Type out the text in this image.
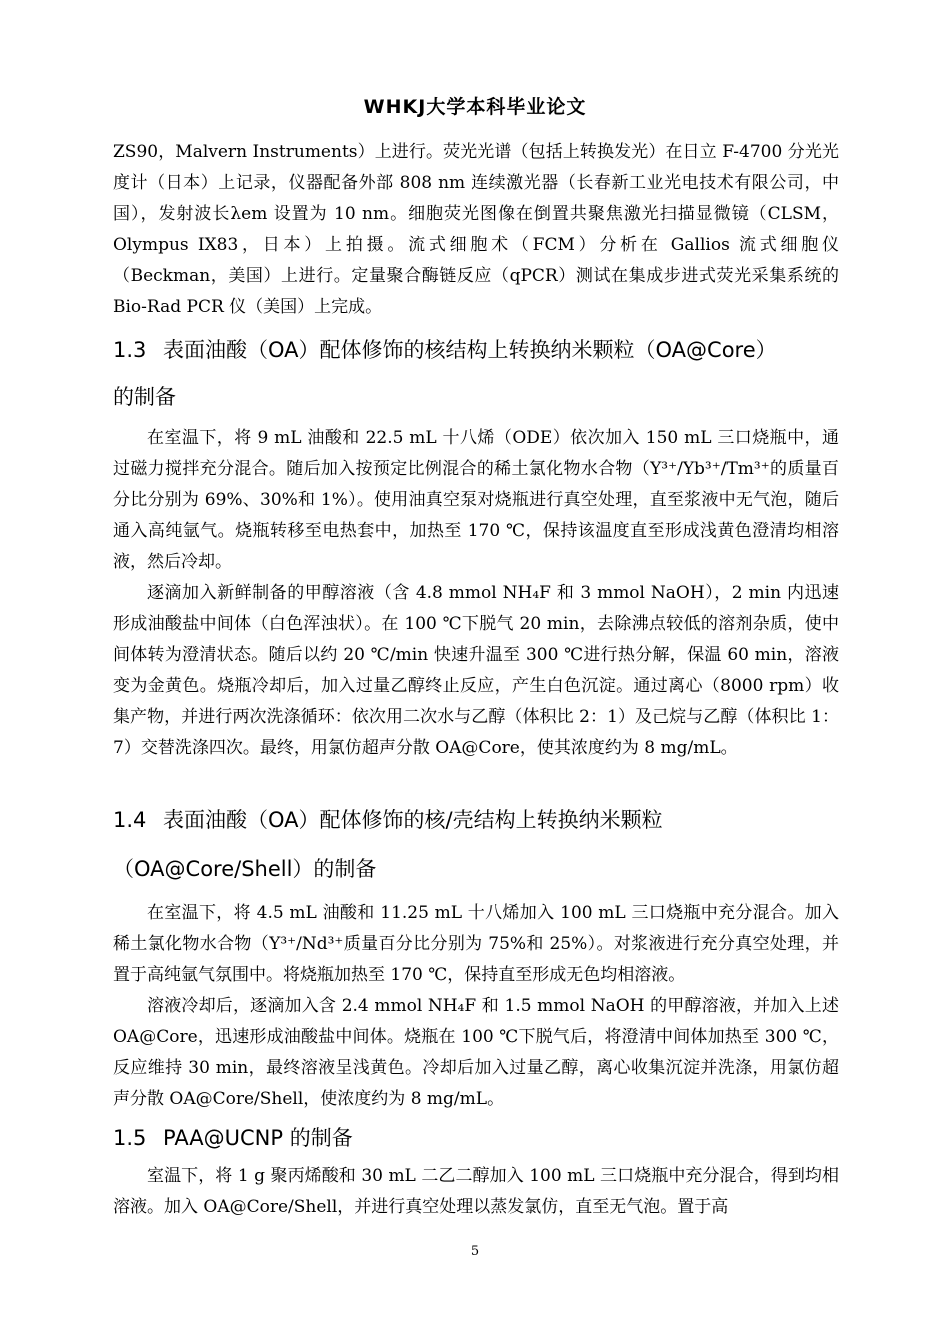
WHKJ大学本科毕业论文

ZS90，Malvern Instruments）上进行。荧光光谱（包括上转换发光）在日立 F-4700 分光光度计（日本）上记录，仪器配备外部 808 nm 连续激光器（长春新工业光电技术有限公司，中国），发射波长λem 设置为 10 nm。细胞荧光图像在倒置共聚焦激光扫描显微镜（CLSM，Olympus IX83，日本）上拍摄。流式细胞术（FCM）分析在 Gallios 流式细胞仪（Beckman，美国）上进行。定量聚合酶链反应（qPCR）测试在集成步进式荧光采集系统的 Bio-Rad PCR 仪（美国）上完成。

1.3 表面油酸（OA）配体修饰的核结构上转换纳米颗粒（OA@Core）

的制备

在室温下，将 9 mL 油酸和 22.5 mL 十八烯（ODE）依次加入 150 mL 三口烧瓶中，通过磁力搅拌充分混合。随后加入按预定比例混合的稀土氯化物水合物（Y³⁺/Yb³⁺/Tm³⁺的质量百分比分别为 69%、30%和 1%）。使用油真空泵对烧瓶进行真空处理，直至浆液中无气泡，随后通入高纯氩气。烧瓶转移至电热套中，加热至 170 ℃，保持该温度直至形成浅黄色澄清均相溶液，然后冷却。

逐滴加入新鲜制备的甲醇溶液（含 4.8 mmol NH₄F 和 3 mmol NaOH），2 min 内迅速形成油酸盐中间体（白色浑浊状）。在 100 ℃下脱气 20 min，去除沸点较低的溶剂杂质，使中间体转为澄清状态。随后以约 20 ℃/min 快速升温至 300 ℃进行热分解，保温 60 min，溶液变为金黄色。烧瓶冷却后，加入过量乙醇终止反应，产生白色沉淀。通过离心（8000 rpm）收集产物，并进行两次洗涤循环：依次用二次水与乙醇（体积比 2：1）及己烷与乙醇（体积比 1：7）交替洗涤四次。最终，用氯仿超声分散 OA@Core，使其浓度约为 8 mg/mL。

1.4 表面油酸（OA）配体修饰的核/壳结构上转换纳米颗粒

（OA@Core/Shell）的制备

在室温下，将 4.5 mL 油酸和 11.25 mL 十八烯加入 100 mL 三口烧瓶中充分混合。加入稀土氯化物水合物（Y³⁺/Nd³⁺质量百分比分别为 75%和 25%）。对浆液进行充分真空处理，并置于高纯氩气氛围中。将烧瓶加热至 170 ℃，保持直至形成无色均相溶液。

溶液冷却后，逐滴加入含 2.4 mmol NH₄F 和 1.5 mmol NaOH 的甲醇溶液，并加入上述 OA@Core，迅速形成油酸盐中间体。烧瓶在 100 ℃下脱气后，将澄清中间体加热至 300 ℃，反应维持 30 min，最终溶液呈浅黄色。冷却后加入过量乙醇，离心收集沉淀并洗涤，用氯仿超声分散 OA@Core/Shell，使浓度约为 8 mg/mL。

1.5 PAA@UCNP 的制备

室温下，将 1 g 聚丙烯酸和 30 mL 二乙二醇加入 100 mL 三口烧瓶中充分混合，得到均相溶液。加入 OA@Core/Shell，并进行真空处理以蒸发氯仿，直至无气泡。置于高

5
